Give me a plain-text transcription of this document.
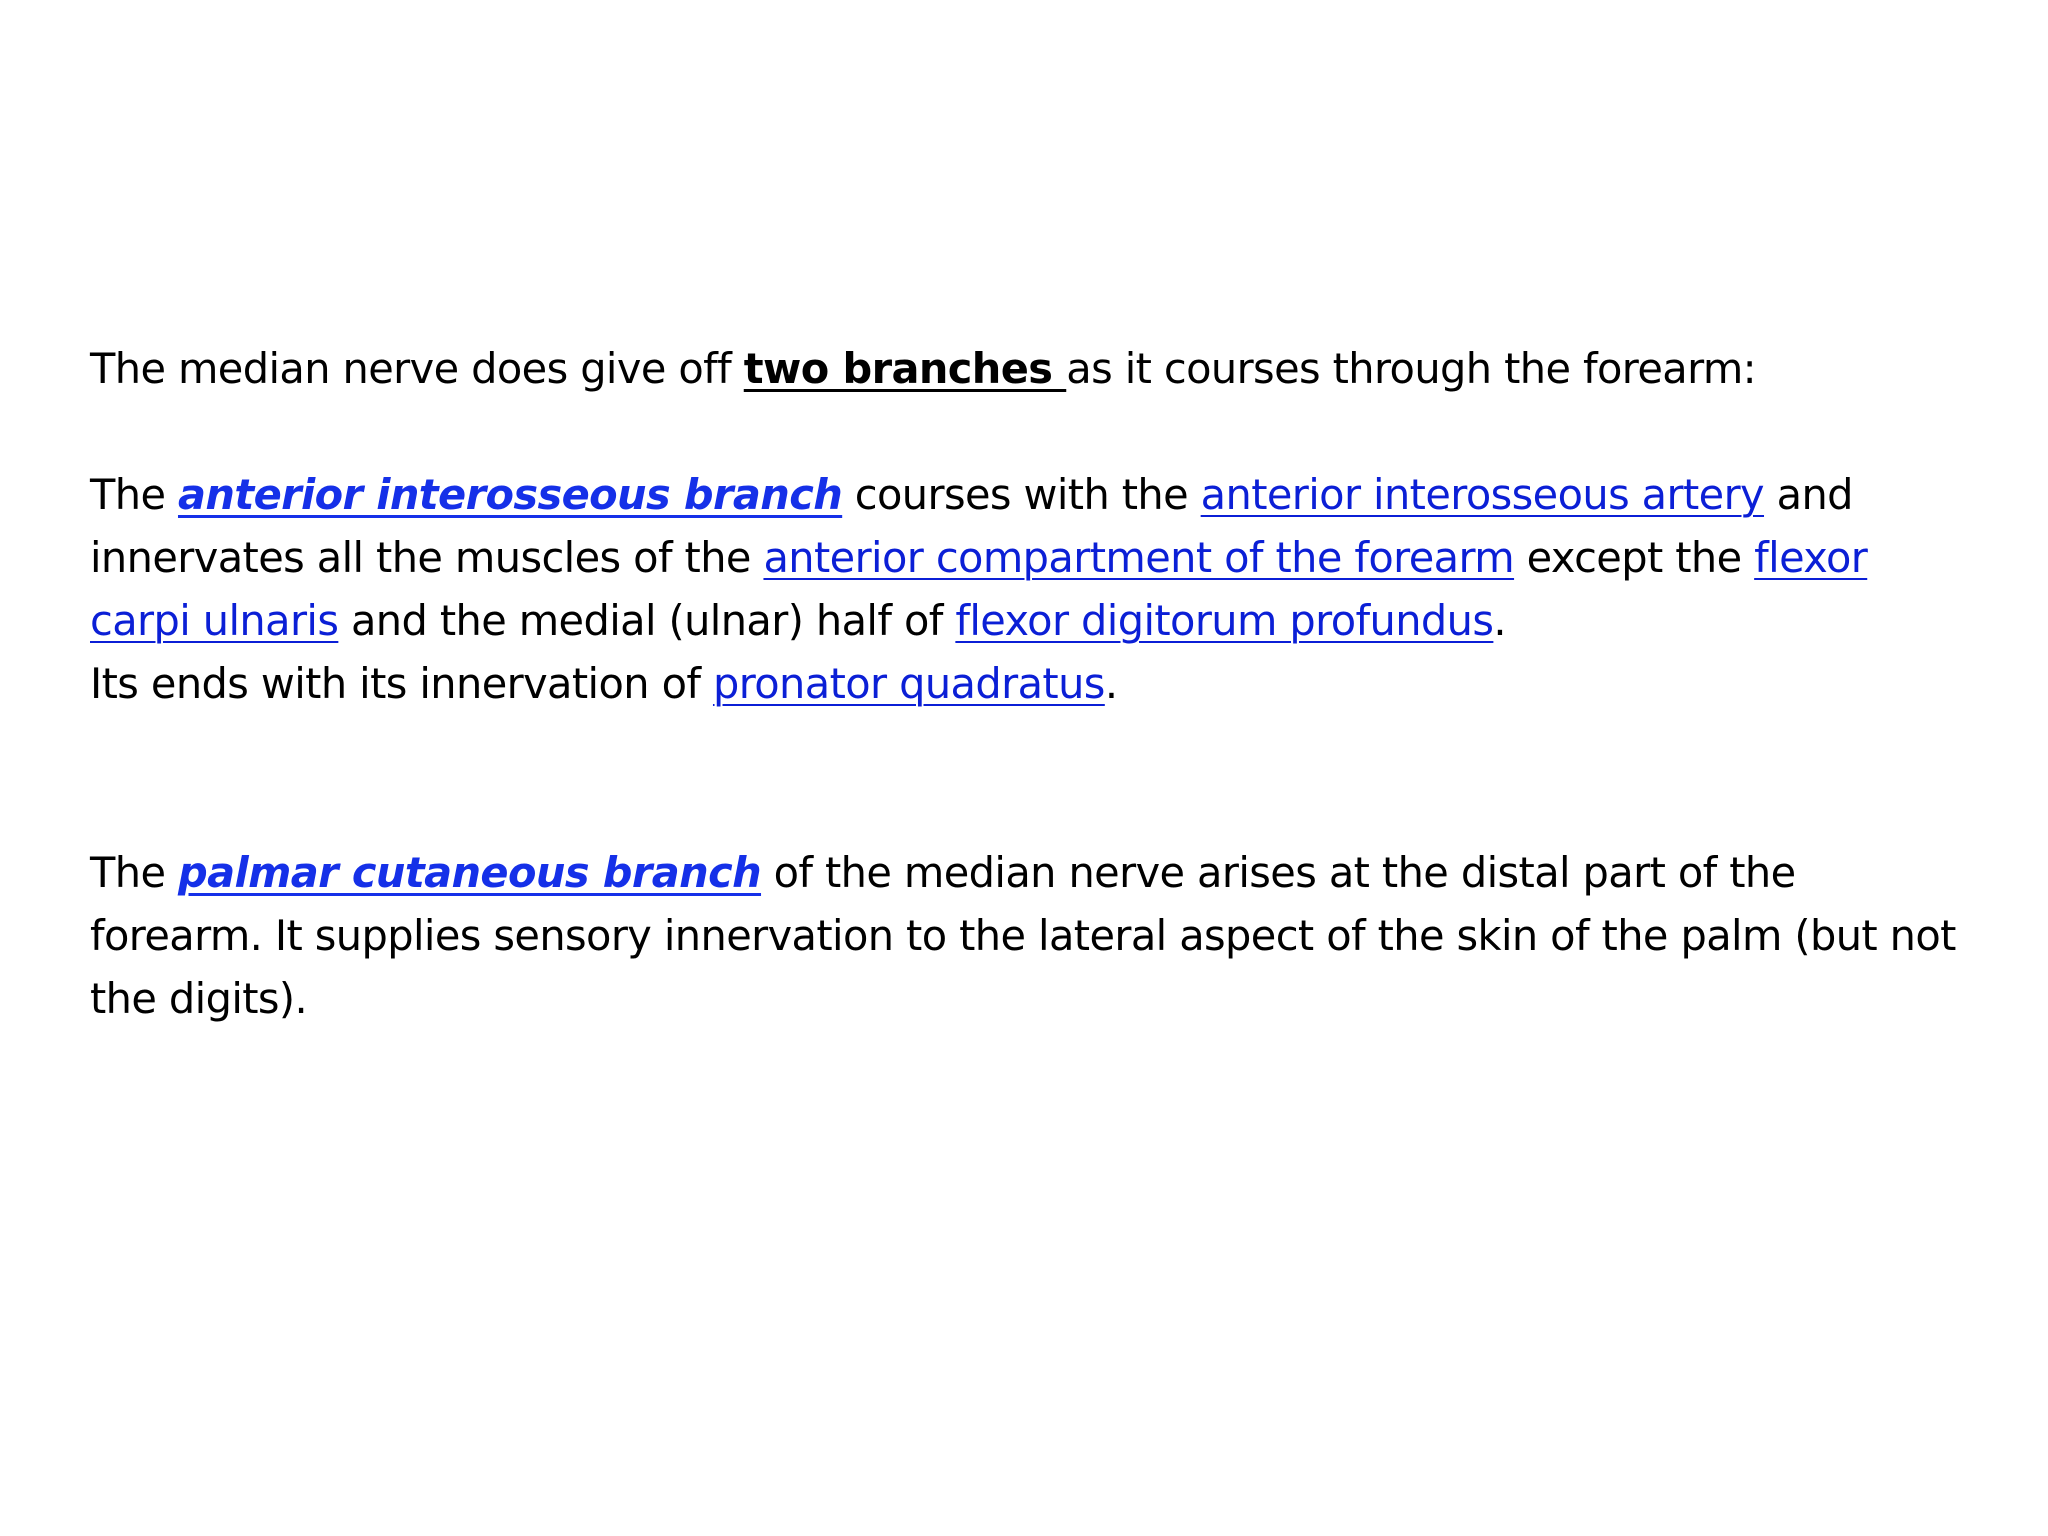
The median nerve does give off two branches as it courses through the forearm:

The anterior interosseous branch courses with the anterior interosseous artery and innervates all the muscles of the anterior compartment of the forearm except the flexor carpi ulnaris and the medial (ulnar) half of flexor digitorum profundus.
Its ends with its innervation of pronator quadratus.

The palmar cutaneous branch of the median nerve arises at the distal part of the forearm. It supplies sensory innervation to the lateral aspect of the skin of the palm (but not the digits).
